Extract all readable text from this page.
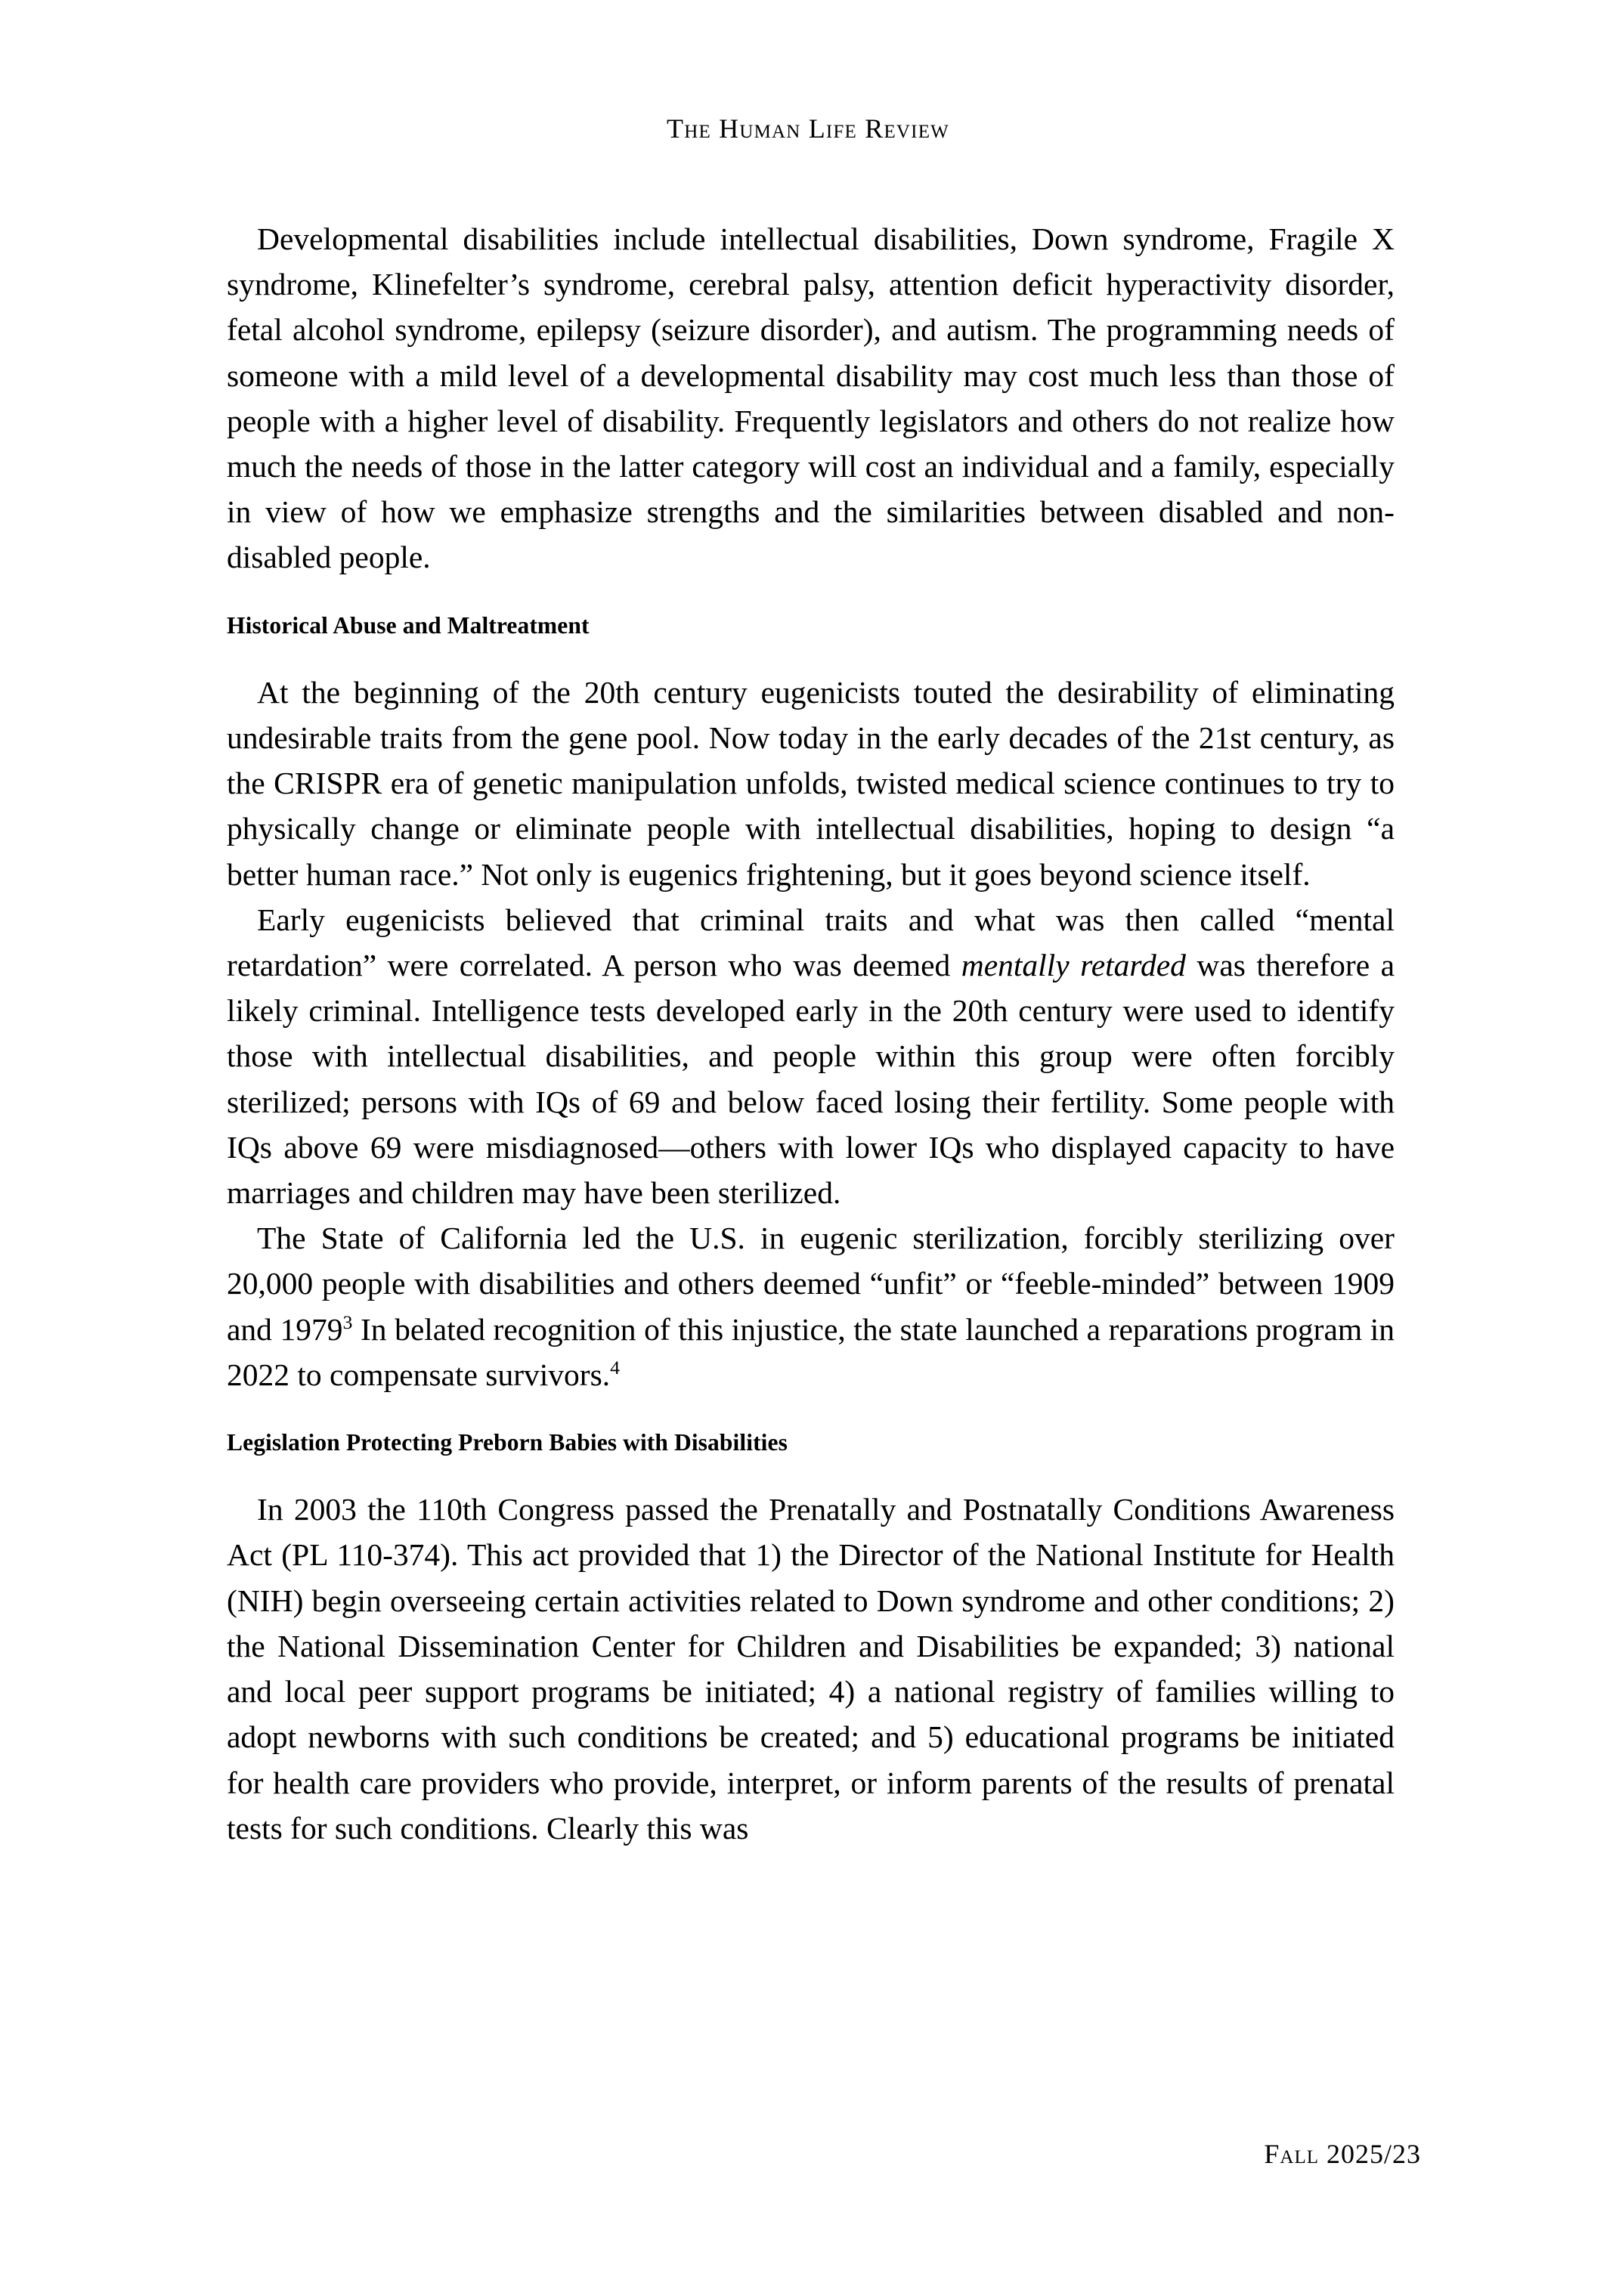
The Human Life Review

Developmental disabilities include intellectual disabilities, Down syndrome, Fragile X syndrome, Klinefelter’s syndrome, cerebral palsy, attention deficit hyperactivity disorder, fetal alcohol syndrome, epilepsy (seizure disorder), and autism. The programming needs of someone with a mild level of a developmental disability may cost much less than those of people with a higher level of disability. Frequently legislators and others do not realize how much the needs of those in the latter category will cost an individual and a family, especially in view of how we emphasize strengths and the similarities between disabled and non-disabled people.

Historical Abuse and Maltreatment

At the beginning of the 20th century eugenicists touted the desirability of eliminating undesirable traits from the gene pool. Now today in the early decades of the 21st century, as the CRISPR era of genetic manipulation unfolds, twisted medical science continues to try to physically change or eliminate people with intellectual disabilities, hoping to design “a better human race.” Not only is eugenics frightening, but it goes beyond science itself.

Early eugenicists believed that criminal traits and what was then called “mental retardation” were correlated. A person who was deemed mentally retarded was therefore a likely criminal. Intelligence tests developed early in the 20th century were used to identify those with intellectual disabilities, and people within this group were often forcibly sterilized; persons with IQs of 69 and below faced losing their fertility. Some people with IQs above 69 were misdiagnosed—others with lower IQs who displayed capacity to have marriages and children may have been sterilized.

The State of California led the U.S. in eugenic sterilization, forcibly sterilizing over 20,000 people with disabilities and others deemed “unfit” or “feeble-minded” between 1909 and 1979$^3$ In belated recognition of this injustice, the state launched a reparations program in 2022 to compensate survivors.$^4$

Legislation Protecting Preborn Babies with Disabilities

In 2003 the 110th Congress passed the Prenatally and Postnatally Conditions Awareness Act (PL 110-374). This act provided that 1) the Director of the National Institute for Health (NIH) begin overseeing certain activities related to Down syndrome and other conditions; 2) the National Dissemination Center for Children and Disabilities be expanded; 3) national and local peer support programs be initiated; 4) a national registry of families willing to adopt newborns with such conditions be created; and 5) educational programs be initiated for health care providers who provide, interpret, or inform parents of the results of prenatal tests for such conditions. Clearly this was

Fall 2025/23
